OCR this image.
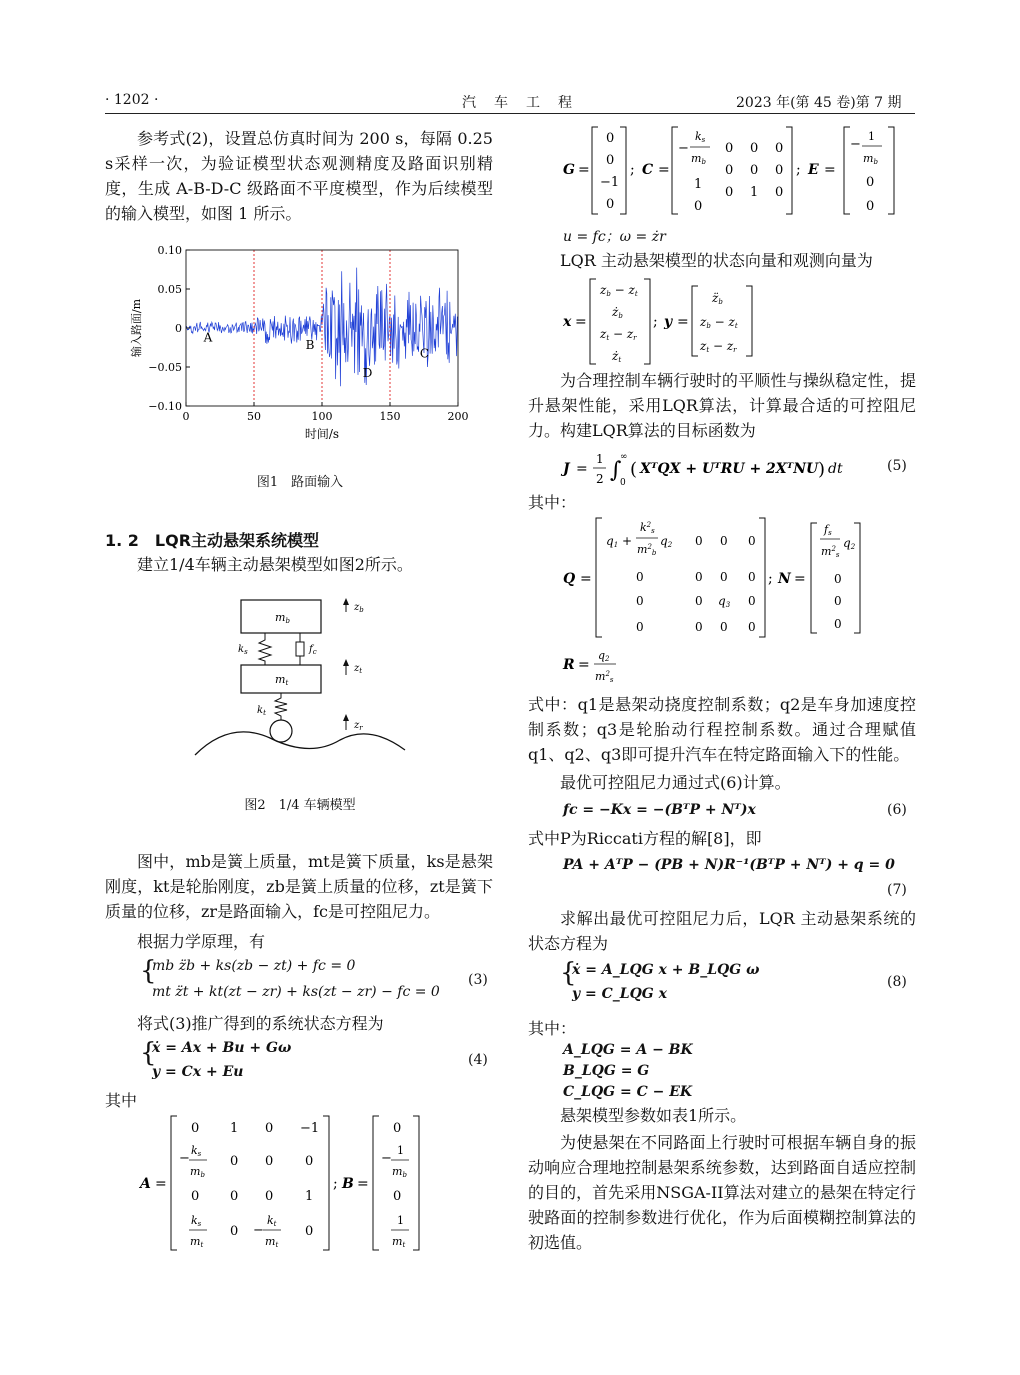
· 1202 ·	汽　车　工　程	2023 年(第 45 卷)第 7 期
参考式(2)，设置总仿真时间为 200 s，每隔 0.25 s采样一次，为验证模型状态观测精度及路面识别精度，生成 A-B-D-C 级路面不平度模型，作为后续模型的输入模型，如图 1 所示。
0	50	100	150	200
0.10
0.05
0
−0.05
−0.10
A
B
D
C
时间/s
输入路面/m
图1　路面输入
1. 2　LQR主动悬架系统模型
建立1/4车辆主动悬架模型如图2所示。
mb
mt
$k_s$	$f_c$
$k_t$
$z_b$
$z_t$
$z_r$
图2　1/4 车辆模型
图中，mb是簧上质量，mt是簧下质量，ks是悬架刚度，kt是轮胎刚度，zb是簧上质量的位移，zt是簧下质量的位移，zr是路面输入，fc是可控阻尼力。
根据力学原理，有
{
mb z̈b + ks(zb − zt) + fc = 0
mt z̈t + kt(zt − zr) + ks(zt − zr) − fc = 0
(3)
将式(3)推广得到的系统状态方程为
{
ẋ = Ax + Bu + Gω
y = Cx + Eu
(4)
其中
A =
0 1 0 −1
−
ks
mb
0 0 0
0 0 0 1
ks
mt
0 −
kt
mt
0
; B =
0
−
1
mb
0
1
mt
G =
0
0
−1
0
; C =
−
ks
mb
0 0 0
0 0 0
1
0 1 0
0
; E =
−
1
mb
0
0
u = fc；ω = żr
LQR 主动悬架模型的状态向量和观测向量为
x =
zb − zt
żb
zt − zr
żt
; y =
z̈b
zb − zt
zt − zr
为合理控制车辆行驶时的平顺性与操纵稳定性，提升悬架性能，采用LQR算法，计算最合适的可控阻尼力。构建LQR算法的目标函数为
J =
1
2 ∫
∞
0
( XᵀQX + UᵀRU + 2XᵀNU ) dt	(5)
其中：
Q =
q1 +
$k^2_s$
$m^2_b$
q2 0 0 0
0	0 0 0
0	0 q3 0
0	0 0 0
; N =
fs
$m^2_s$
q2
0
0
0
R =
q2
$m^2_s$
式中：q1是悬架动挠度控制系数；q2是车身加速度控制系数；q3是轮胎动行程控制系数。通过合理赋值q1、q2、q3即可提升汽车在特定路面输入下的性能。
最优可控阻尼力通过式(6)计算。
fc = −Kx = −(BᵀP + Nᵀ)x	(6)
式中P为Riccati方程的解[8]，即
PA + AᵀP − (PB + N)R⁻¹(BᵀP + Nᵀ) + q = 0
(7)
求解出最优可控阻尼力后，LQR 主动悬架系统的状态方程为
{
ẋ = A_LQG x + B_LQG ω
y = C_LQG x
(8)
其中：
A_LQG = A − BK
B_LQG = G
C_LQG = C − EK
悬架模型参数如表1所示。
为使悬架在不同路面上行驶时可根据车辆自身的振动响应合理地控制悬架系统参数，达到路面自适应控制的目的，首先采用NSGA-II算法对建立的悬架在特定行驶路面的控制参数进行优化，作为后面模糊控制算法的初选值。
